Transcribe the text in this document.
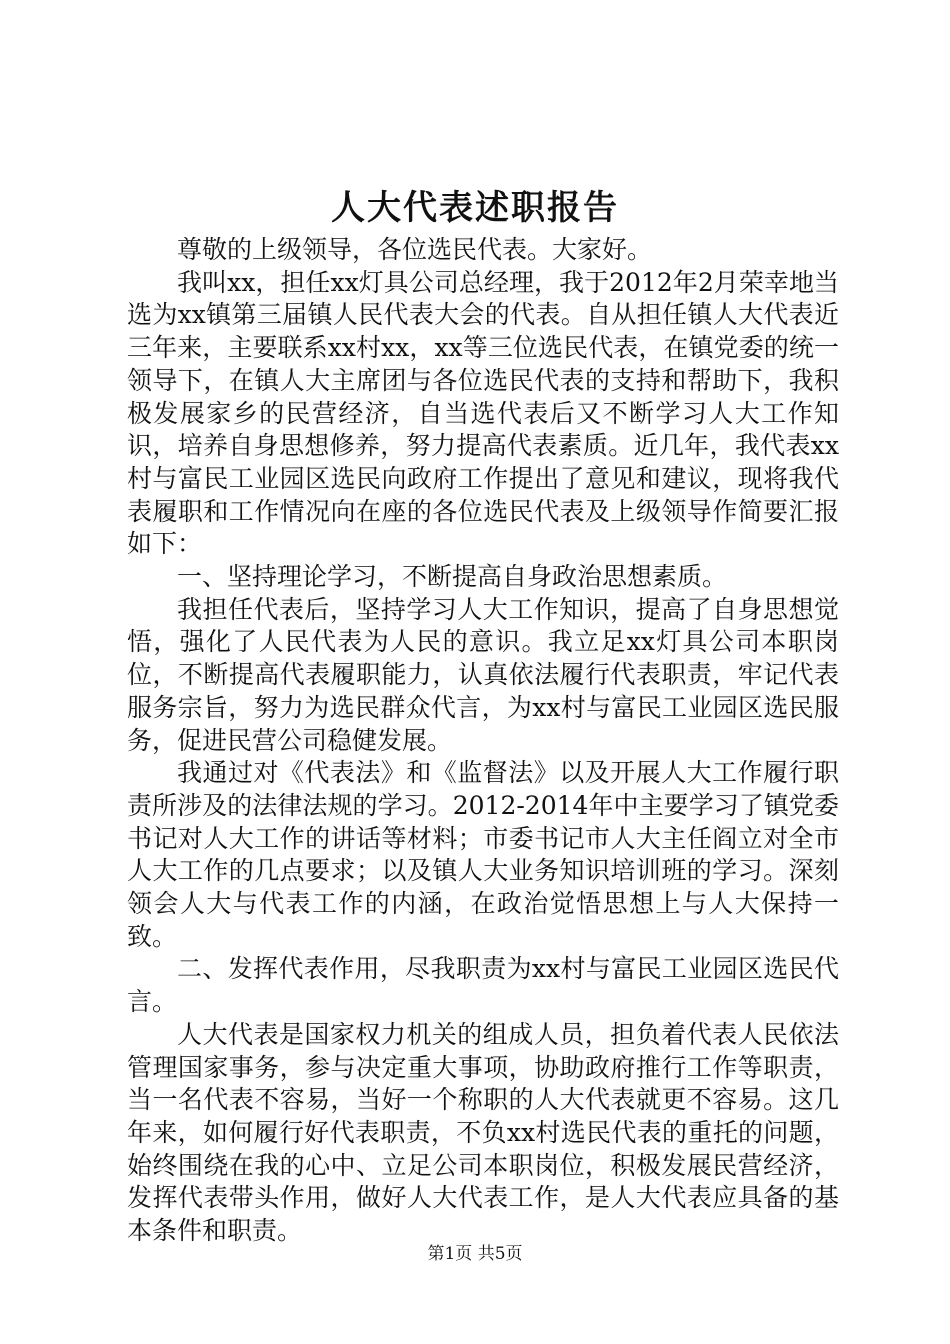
人大代表述职报告

尊敬的上级领导，各位选民代表。大家好。

我叫xx，担任xx灯具公司总经理，我于2012年2月荣幸地当选为xx镇第三届镇人民代表大会的代表。自从担任镇人大代表近三年来，主要联系xx村xx，xx等三位选民代表，在镇党委的统一领导下，在镇人大主席团与各位选民代表的支持和帮助下，我积极发展家乡的民营经济，自当选代表后又不断学习人大工作知识，培养自身思想修养，努力提高代表素质。近几年，我代表xx村与富民工业园区选民向政府工作提出了意见和建议，现将我代表履职和工作情况向在座的各位选民代表及上级领导作简要汇报如下：

一、坚持理论学习，不断提高自身政治思想素质。

我担任代表后，坚持学习人大工作知识，提高了自身思想觉悟，强化了人民代表为人民的意识。我立足xx灯具公司本职岗位，不断提高代表履职能力，认真依法履行代表职责，牢记代表服务宗旨，努力为选民群众代言，为xx村与富民工业园区选民服务，促进民营公司稳健发展。

我通过对《代表法》和《监督法》以及开展人大工作履行职责所涉及的法律法规的学习。2012-2014年中主要学习了镇党委书记对人大工作的讲话等材料；市委书记市人大主任阎立对全市人大工作的几点要求；以及镇人大业务知识培训班的学习。深刻领会人大与代表工作的内涵，在政治觉悟思想上与人大保持一致。

二、发挥代表作用，尽我职责为xx村与富民工业园区选民代言。

人大代表是国家权力机关的组成人员，担负着代表人民依法管理国家事务，参与决定重大事项，协助政府推行工作等职责，当一名代表不容易，当好一个称职的人大代表就更不容易。这几年来，如何履行好代表职责，不负xx村选民代表的重托的问题，始终围绕在我的心中、立足公司本职岗位，积极发展民营经济，发挥代表带头作用，做好人大代表工作，是人大代表应具备的基本条件和职责。

第1页 共5页
